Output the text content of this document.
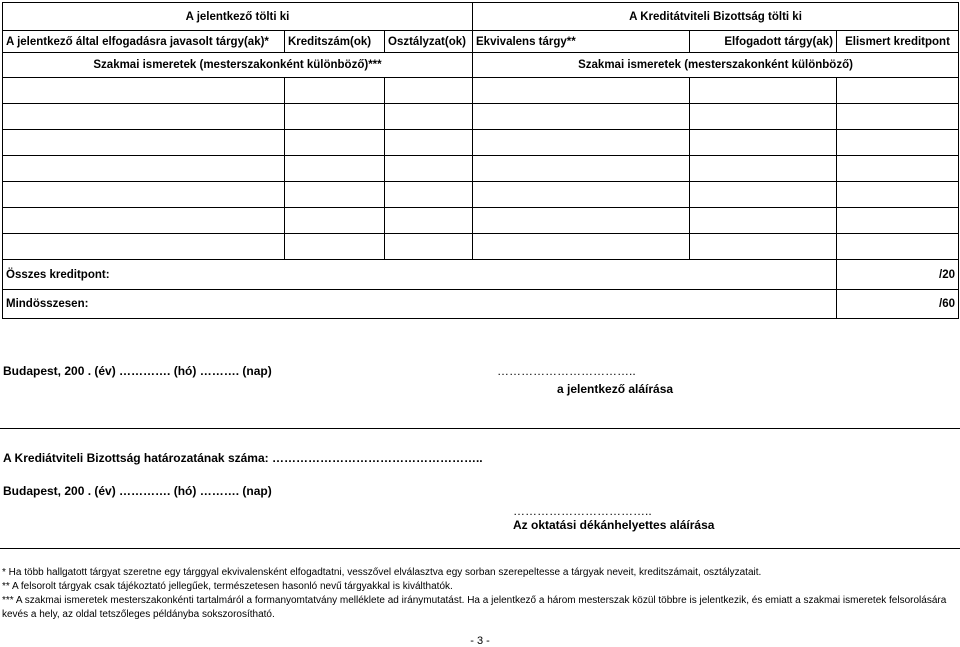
A jelentkező tölti ki			A Kreditátviteli Bizottság tölti ki		
A jelentkező által elfogadásra javasolt tárgy(ak)*	Kreditszám(ok)	Osztályzat(ok)	Ekvivalens tárgy**	Elfogadott tárgy(ak)	Elismert kreditpont
Szakmai ismeretek (mesterszakonként különböző)***			Szakmai ismeretek (mesterszakonként különböző)		

Összes kreditpont:					/20
Mindösszesen:					/60
Budapest, 200 . (év) …………. (hó) ………. (nap)	……………………………..
a jelentkező aláírása
A Krediátviteli Bizottság határozatának száma: ……………………………………………..
Budapest, 200 . (év) …………. (hó) ………. (nap)
……………………………..
Az oktatási dékánhelyettes aláírása
* Ha több hallgatott tárgyat szeretne egy tárggyal ekvivalensként elfogadtatni, vesszővel elválasztva egy sorban szerepeltesse a tárgyak neveit, kreditszámait, osztályzatait.
** A felsorolt tárgyak csak tájékoztató jellegűek, természetesen hasonló nevű tárgyakkal is kiválthatók.
*** A szakmai ismeretek mesterszakonkénti tartalmáról a formanyomtatvány melléklete ad iránymutatást. Ha a jelentkező a három mesterszak közül többre is jelentkezik, és emiatt a szakmai ismeretek felsorolására
kevés a hely, az oldal tetszőleges példányba sokszorosítható.
- 3 -
